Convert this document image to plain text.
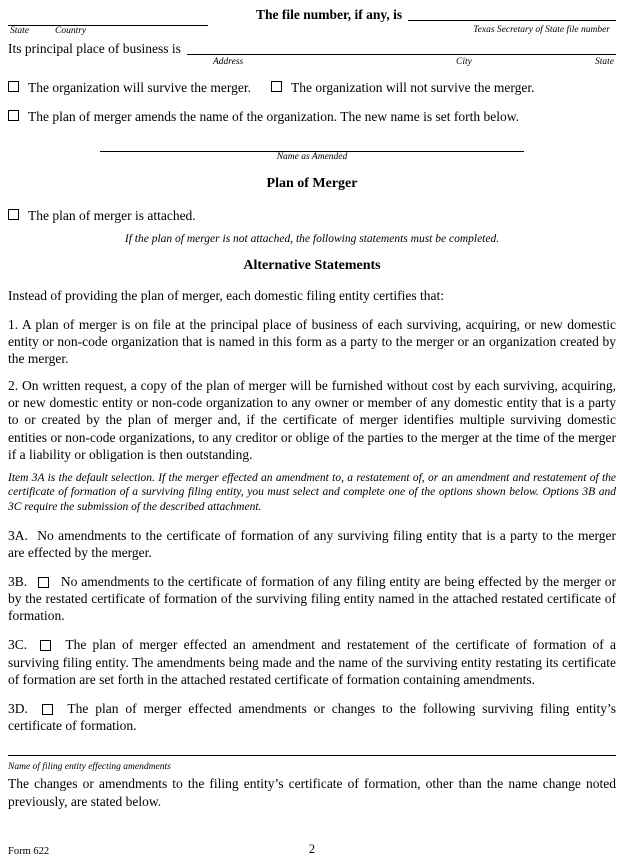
The file number, if any, is
State	Country	Texas Secretary of State file number
Its principal place of business is
Address	City	State
The organization will survive the merger.	The organization will not survive the merger.
The plan of merger amends the name of the organization. The new name is set forth below.
Name as Amended
Plan of Merger
The plan of merger is attached.
If the plan of merger is not attached, the following statements must be completed.
Alternative Statements

Instead of providing the plan of merger, each domestic filing entity certifies that:

1. A plan of merger is on file at the principal place of business of each surviving, acquiring, or new domestic entity or non-code organization that is named in this form as a party to the merger or an organization created by the merger.

2. On written request, a copy of the plan of merger will be furnished without cost by each surviving, acquiring, or new domestic entity or non-code organization to any owner or member of any domestic entity that is a party to or created by the plan of merger and, if the certificate of merger identifies multiple surviving domestic entities or non-code organizations, to any creditor or oblige of the parties to the merger at the time of the merger if a liability or obligation is then outstanding.

Item 3A is the default selection. If the merger effected an amendment to, a restatement of, or an amendment and restatement of the certificate of formation of a surviving filing entity, you must select and complete one of the options shown below. Options 3B and 3C require the submission of the described attachment.

3A. No amendments to the certificate of formation of any surviving filing entity that is a party to the merger are effected by the merger.

3B. No amendments to the certificate of formation of any filing entity are being effected by the merger or by the restated certificate of formation of the surviving filing entity named in the attached restated certificate of formation.

3C.	The plan of merger effected an amendment and restatement of the certificate of formation of a surviving filing entity. The amendments being made and the name of the surviving entity restating its certificate of formation are set forth in the attached restated certificate of formation containing amendments.

3D.	The plan of merger effected amendments or changes to the following surviving filing entity’s certificate of formation.

Name of filing entity effecting amendments

The changes or amendments to the filing entity’s certificate of formation, other than the name change noted previously, are stated below.

Form 622	2
